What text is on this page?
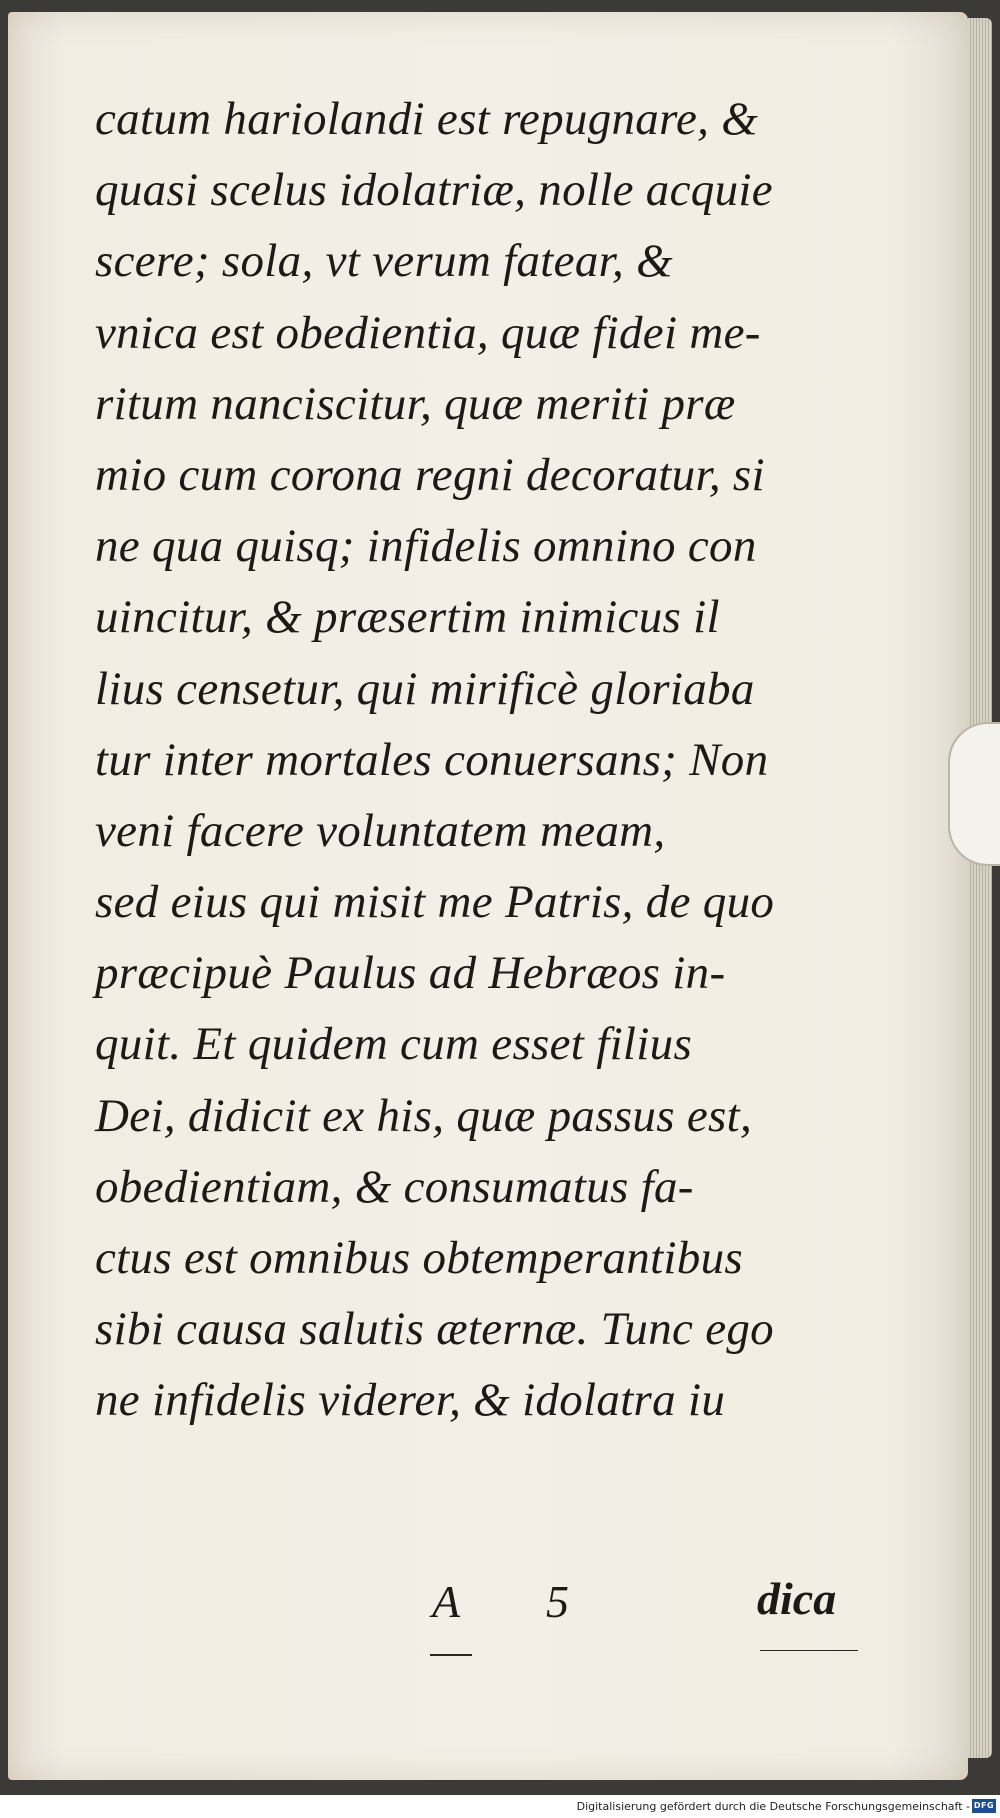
catum hariolandi est repugnare, &
quasi scelus idolatriæ, nolle acquie
scere; sola, vt verum fatear, &
vnica est obedientia, quæ fidei me-
ritum nanciscitur, quæ meriti præ
mio cum corona regni decoratur, si
ne qua quisq; infidelis omnino con
uincitur, & præsertim inimicus il
lius censetur, qui mirificè gloriaba
tur inter mortales conuersans; Non
veni facere voluntatem meam,
sed eius qui misit me Patris, de quo
præcipuè Paulus ad Hebræos in-
quit. Et quidem cum esset filius
Dei, didicit ex his, quæ passus est,
obedientiam, & consumatus fa-
ctus est omnibus obtemperantibus
sibi causa salutis æternæ. Tunc ego
ne infidelis viderer, & idolatra iu
A 5	dica
Digitalisierung gefördert durch die Deutsche Forschungsgemeinschaft - DFG
